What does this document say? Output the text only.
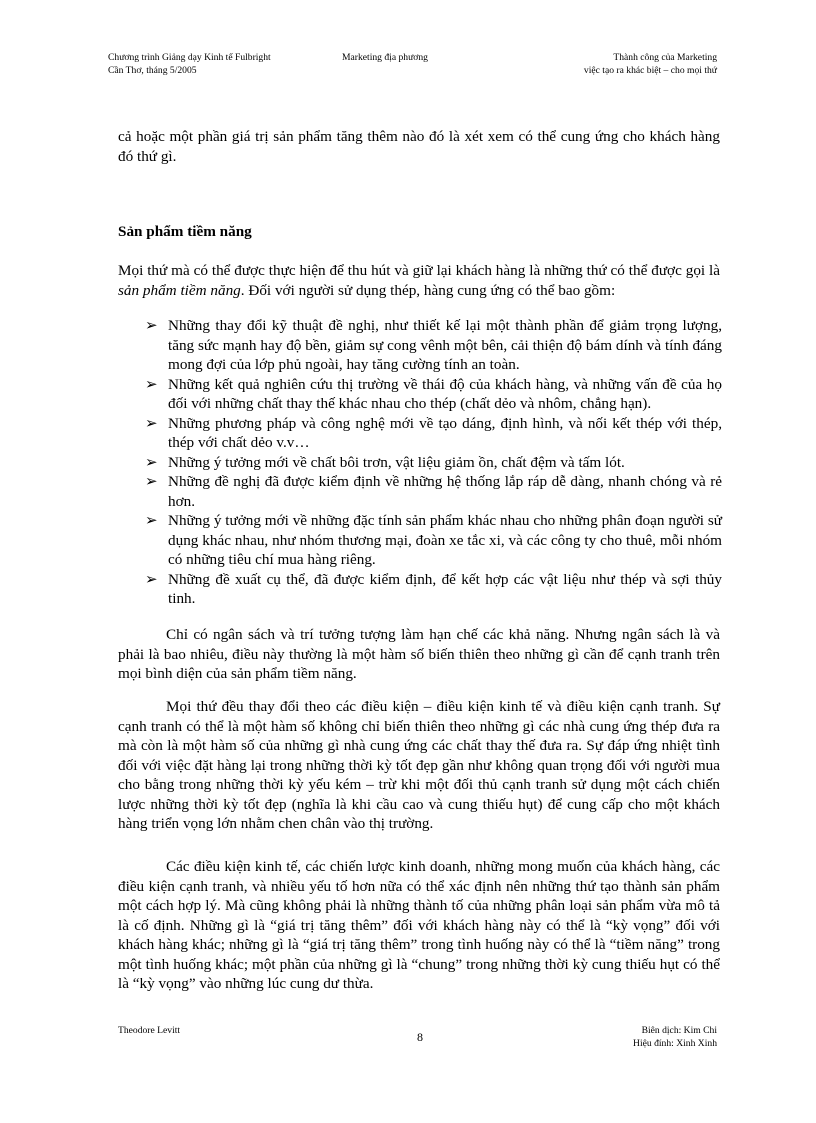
Chương trình Giảng dạy Kinh tế Fulbright
Cần Thơ, tháng 5/2005
Marketing địa phương	Thành công của Marketing
việc tạo ra khác biệt – cho mọi thứ

cả hoặc một phần giá trị sản phẩm tăng thêm nào đó là xét xem có thể cung ứng cho khách hàng đó thứ gì.

Sản phẩm tiềm năng

Mọi thứ mà có thể được thực hiện để thu hút và giữ lại khách hàng là những thứ có thể được gọi là sản phẩm tiềm năng. Đối với người sử dụng thép, hàng cung ứng có thể bao gồm:

➢ Những thay đổi kỹ thuật đề nghị, như thiết kế lại một thành phần để giảm trọng lượng, tăng sức mạnh hay độ bền, giảm sự cong vênh một bên, cải thiện độ bám dính và tính đáng mong đợi của lớp phủ ngoài, hay tăng cường tính an toàn.
➢ Những kết quả nghiên cứu thị trường về thái độ của khách hàng, và những vấn đề của họ đối với những chất thay thế khác nhau cho thép (chất dẻo và nhôm, chẳng hạn).
➢ Những phương pháp và công nghệ mới về tạo dáng, định hình, và nối kết thép với thép, thép với chất dẻo v.v…
➢ Những ý tưởng mới về chất bôi trơn, vật liệu giảm ồn, chất đệm và tấm lót.
➢ Những đề nghị đã được kiểm định về những hệ thống lắp ráp dễ dàng, nhanh chóng và rẻ hơn.
➢ Những ý tưởng mới về những đặc tính sản phẩm khác nhau cho những phân đoạn người sử dụng khác nhau, như nhóm thương mại, đoàn xe tắc xi, và các công ty cho thuê, mỗi nhóm có những tiêu chí mua hàng riêng.
➢ Những đề xuất cụ thể, đã được kiểm định, để kết hợp các vật liệu như thép và sợi thủy tinh.

Chỉ có ngân sách và trí tưởng tượng làm hạn chế các khả năng. Nhưng ngân sách là và phải là bao nhiêu, điều này thường là một hàm số biến thiên theo những gì cần để cạnh tranh trên mọi bình diện của sản phẩm tiềm năng.

Mọi thứ đều thay đổi theo các điều kiện – điều kiện kinh tế và điều kiện cạnh tranh. Sự cạnh tranh có thể là một hàm số không chỉ biến thiên theo những gì các nhà cung ứng thép đưa ra mà còn là một hàm số của những gì nhà cung ứng các chất thay thế đưa ra. Sự đáp ứng nhiệt tình đối với việc đặt hàng lại trong những thời kỳ tốt đẹp gần như không quan trọng đối với người mua cho bằng trong những thời kỳ yếu kém – trừ khi một đối thủ cạnh tranh sử dụng một cách chiến lược những thời kỳ tốt đẹp (nghĩa là khi cầu cao và cung thiếu hụt) để cung cấp cho một khách hàng triển vọng lớn nhằm chen chân vào thị trường.

Các điều kiện kinh tế, các chiến lược kinh doanh, những mong muốn của khách hàng, các điều kiện cạnh tranh, và nhiều yếu tố hơn nữa có thể xác định nên những thứ tạo thành sản phẩm một cách hợp lý. Mà cũng không phải là những thành tố của những phân loại sản phẩm vừa mô tả là cố định. Những gì là “giá trị tăng thêm” đối với khách hàng này có thể là “kỳ vọng” đối với khách hàng khác; những gì là “giá trị tăng thêm” trong tình huống này có thể là “tiềm năng” trong một tình huống khác; một phần của những gì là “chung” trong những thời kỳ cung thiếu hụt có thể là “kỳ vọng” vào những lúc cung dư thừa.

Theodore Levitt	8	Biên dịch: Kim Chi
Hiệu đính: Xinh Xinh
